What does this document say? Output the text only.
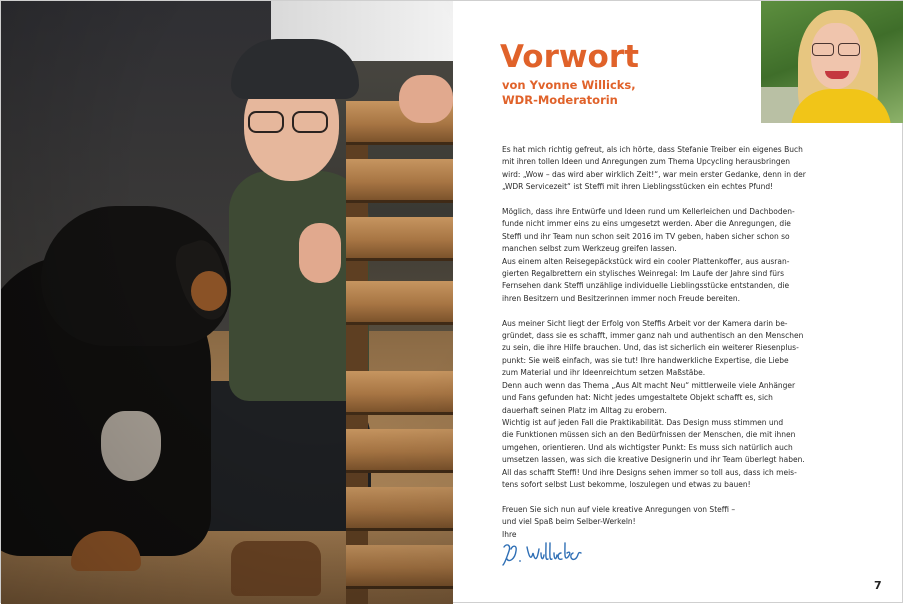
Vorwort
von Yvonne Willicks,
WDR-Moderatorin

Es hat mich richtig gefreut, als ich hörte, dass Stefanie Treiber ein eigenes Buch
mit ihren tollen Ideen und Anregungen zum Thema Upcycling herausbringen
wird: „Wow – das wird aber wirklich Zeit!“, war mein erster Gedanke, denn in der
„WDR Servicezeit“ ist Steffi mit ihren Lieblingsstücken ein echtes Pfund!

Möglich, dass ihre Entwürfe und Ideen rund um Kellerleichen und Dachboden-
funde nicht immer eins zu eins umgesetzt werden. Aber die Anregungen, die
Steffi und ihr Team nun schon seit 2016 im TV geben, haben sicher schon so
manchen selbst zum Werkzeug greifen lassen.
Aus einem alten Reisegepäckstück wird ein cooler Plattenkoffer, aus ausran-
gierten Regalbrettern ein stylisches Weinregal: Im Laufe der Jahre sind fürs
Fernsehen dank Steffi unzählige individuelle Lieblingsstücke entstanden, die
ihren Besitzern und Besitzerinnen immer noch Freude bereiten.

Aus meiner Sicht liegt der Erfolg von Steffis Arbeit vor der Kamera darin be-
gründet, dass sie es schafft, immer ganz nah und authentisch an den Menschen
zu sein, die ihre Hilfe brauchen. Und, das ist sicherlich ein weiterer Riesenplus-
punkt: Sie weiß einfach, was sie tut! Ihre handwerkliche Expertise, die Liebe
zum Material und ihr Ideenreichtum setzen Maßstäbe.
Denn auch wenn das Thema „Aus Alt macht Neu“ mittlerweile viele Anhänger
und Fans gefunden hat: Nicht jedes umgestaltete Objekt schafft es, sich
dauerhaft seinen Platz im Alltag zu erobern.
Wichtig ist auf jeden Fall die Praktikabilität. Das Design muss stimmen und
die Funktionen müssen sich an den Bedürfnissen der Menschen, die mit ihnen
umgehen, orientieren. Und als wichtigster Punkt: Es muss sich natürlich auch
umsetzen lassen, was sich die kreative Designerin und ihr Team überlegt haben.
All das schafft Steffi! Und ihre Designs sehen immer so toll aus, dass ich meis-
tens sofort selbst Lust bekomme, loszulegen und etwas zu bauen!

Freuen Sie sich nun auf viele kreative Anregungen von Steffi –
und viel Spaß beim Selber-Werkeln!
Ihre
7
